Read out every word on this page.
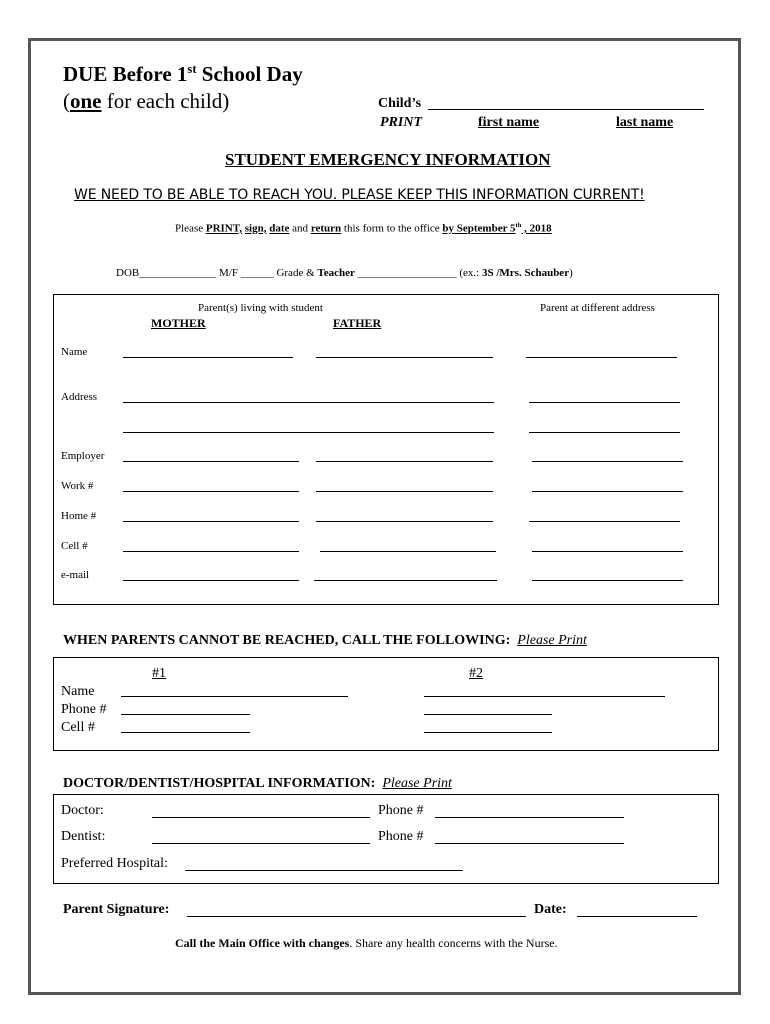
DUE Before 1st School Day
(one for each child)	Child’s
PRINT	first name	last name
STUDENT EMERGENCY INFORMATION
WE NEED TO BE ABLE TO REACH YOU. PLEASE KEEP THIS INFORMATION CURRENT!
Please PRINT, sign, date and return this form to the office by September 5th , 2018
DOB______________ M/F ______ Grade & Teacher __________________ (ex.: 3S /Mrs. Schauber)
Parent(s) living with student
MOTHER	FATHER
Parent at different address
Name
Address
Employer
Work #
Home #
Cell #
e-mail
WHEN PARENTS CANNOT BE REACHED, CALL THE FOLLOWING: Please Print
#1	#2
Name
Phone #
Cell #
DOCTOR/DENTIST/HOSPITAL INFORMATION: Please Print
Doctor:	Phone #
Dentist:	Phone #
Preferred Hospital:
Parent Signature:	Date:
Call the Main Office with changes. Share any health concerns with the Nurse.
